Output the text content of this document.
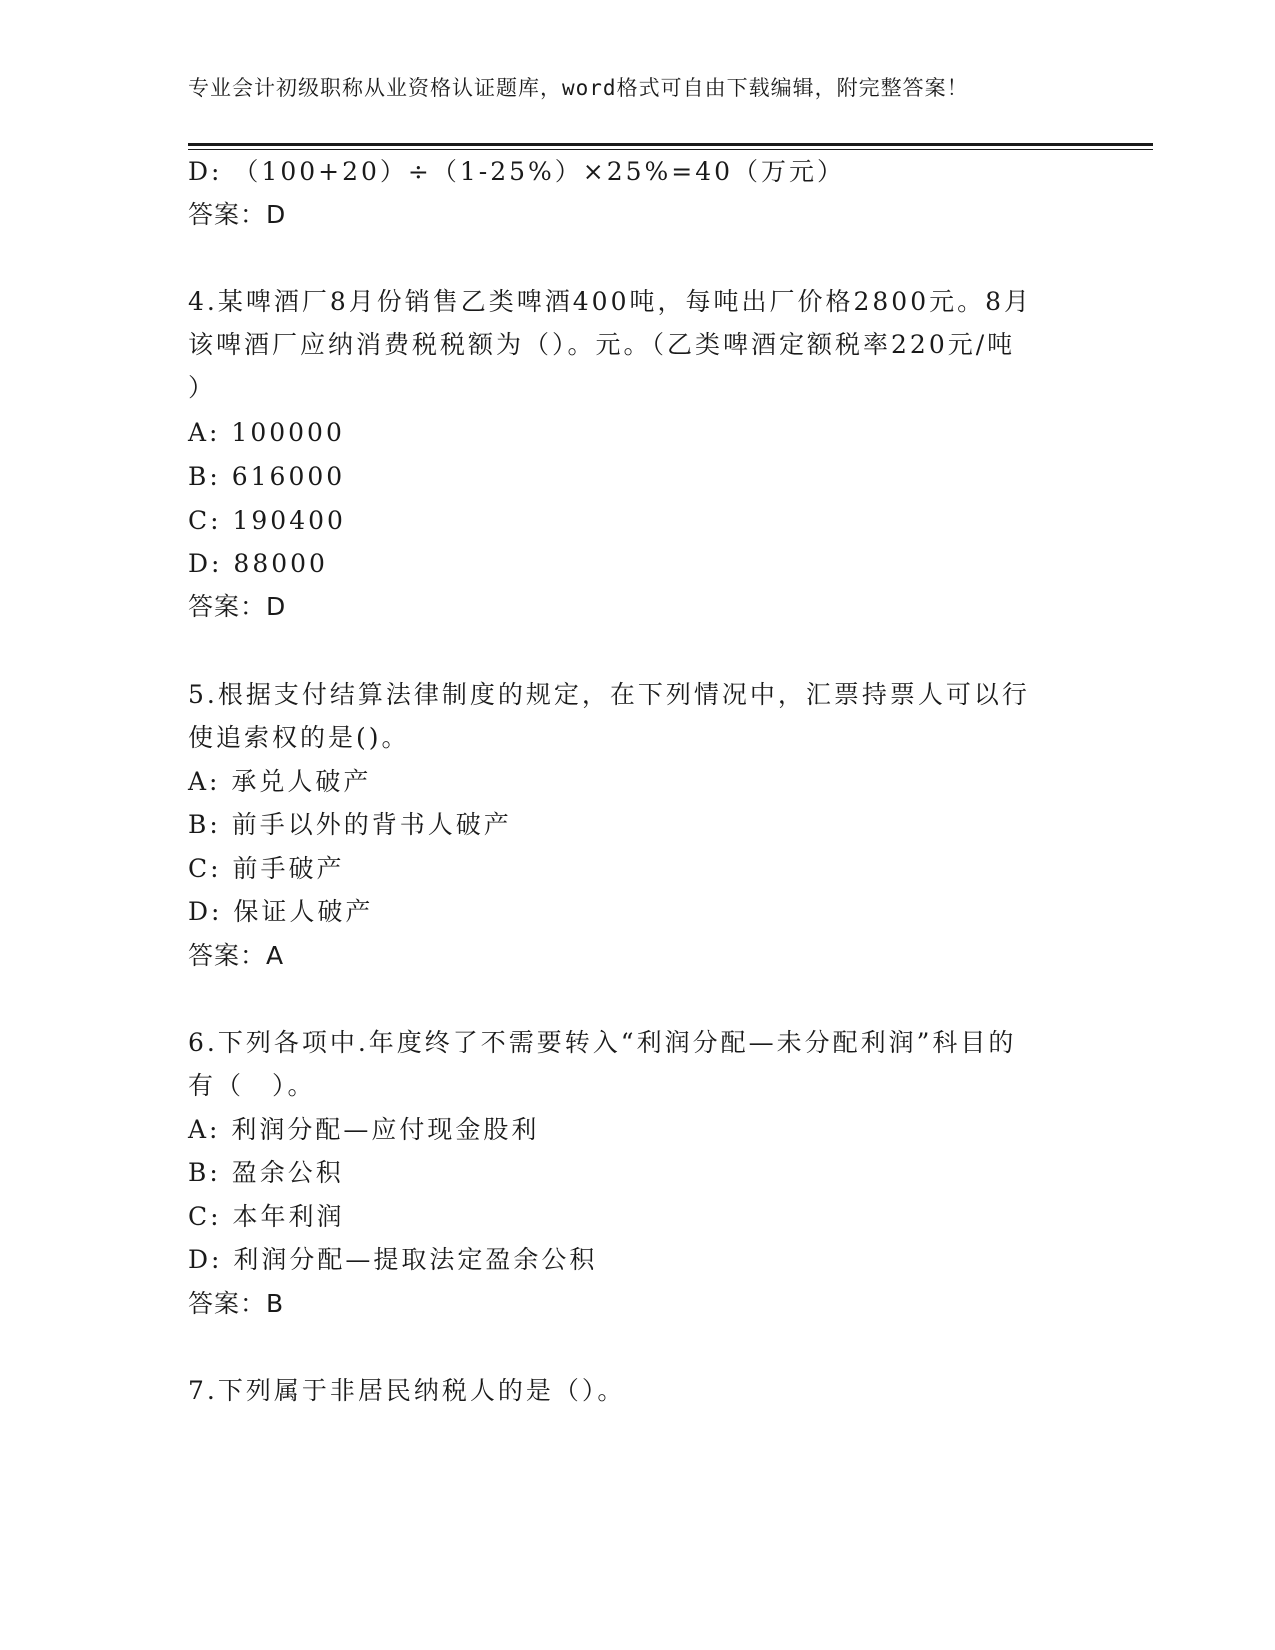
专业会计初级职称从业资格认证题库，word格式可自由下载编辑，附完整答案！
D: （100+20）÷（1-25%）×25%=40（万元）
答案：D
4.某啤酒厂8月份销售乙类啤酒400吨，每吨出厂价格2800元。8月
该啤酒厂应纳消费税税额为（）。元。（乙类啤酒定额税率220元/吨
）
A: 100000
B: 616000
C: 190400
D: 88000
答案：D
5.根据支付结算法律制度的规定，在下列情况中，汇票持票人可以行
使追索权的是()。
A: 承兑人破产
B: 前手以外的背书人破产
C: 前手破产
D: 保证人破产
答案：A
6.下列各项中.年度终了不需要转入“利润分配—未分配利润”科目的
有（　）。
A: 利润分配—应付现金股利
B: 盈余公积
C: 本年利润
D: 利润分配—提取法定盈余公积
答案：B
7.下列属于非居民纳税人的是（）。
